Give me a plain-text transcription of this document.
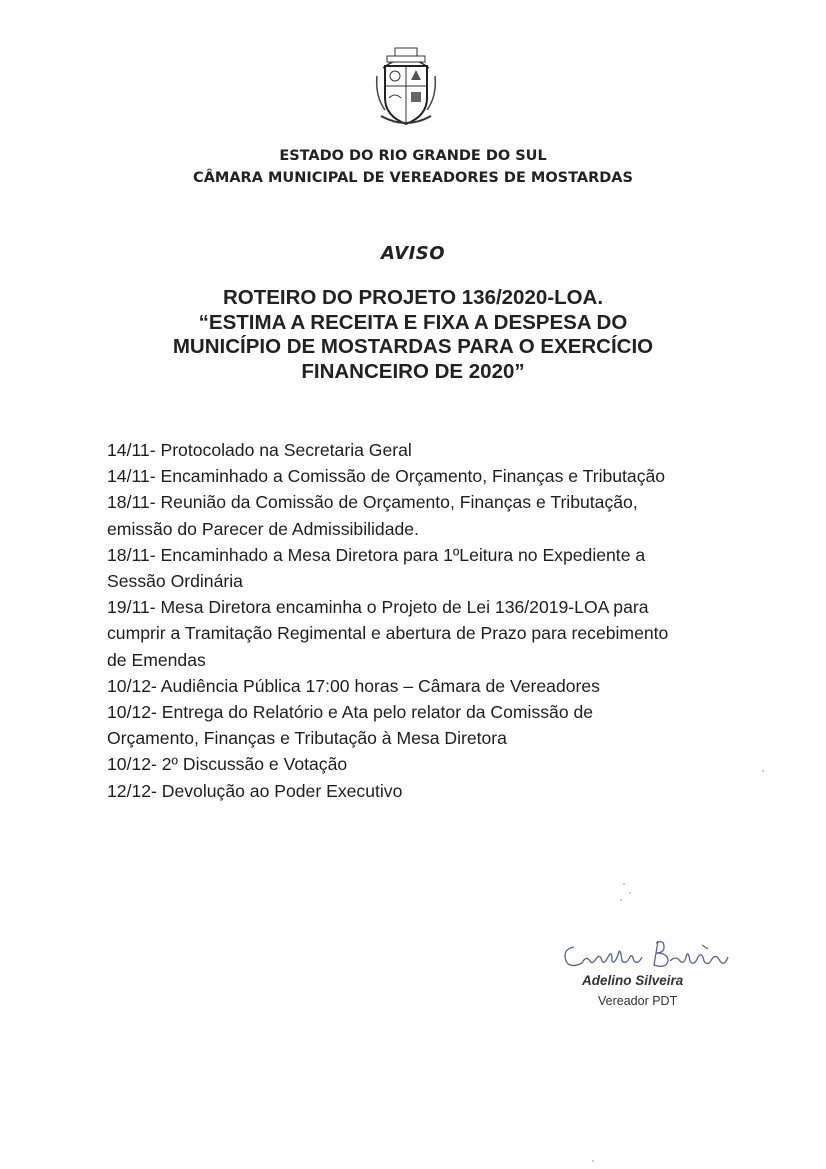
ESTADO DO RIO GRANDE DO SUL
CÂMARA MUNICIPAL DE VEREADORES DE MOSTARDAS
AVISO
ROTEIRO DO PROJETO 136/2020-LOA.
“ESTIMA A RECEITA E FIXA A DESPESA DO
MUNICÍPIO DE MOSTARDAS PARA O EXERCÍCIO
FINANCEIRO DE 2020”
14/11- Protocolado na Secretaria Geral
14/11- Encaminhado a Comissão de Orçamento, Finanças e Tributação
18/11- Reunião da Comissão de Orçamento, Finanças e Tributação,
emissão do Parecer de Admissibilidade.
18/11- Encaminhado a Mesa Diretora para 1ºLeitura no Expediente a
Sessão Ordinária
19/11- Mesa Diretora encaminha o Projeto de Lei 136/2019-LOA para
cumprir a Tramitação Regimental e abertura de Prazo para recebimento
de Emendas
10/12- Audiência Pública 17:00 horas – Câmara de Vereadores
10/12- Entrega do Relatório e Ata pelo relator da Comissão de
Orçamento, Finanças e Tributação à Mesa Diretora
10/12- 2º Discussão e Votação
12/12- Devolução ao Poder Executivo
Adelino Silveira
Vereador PDT
